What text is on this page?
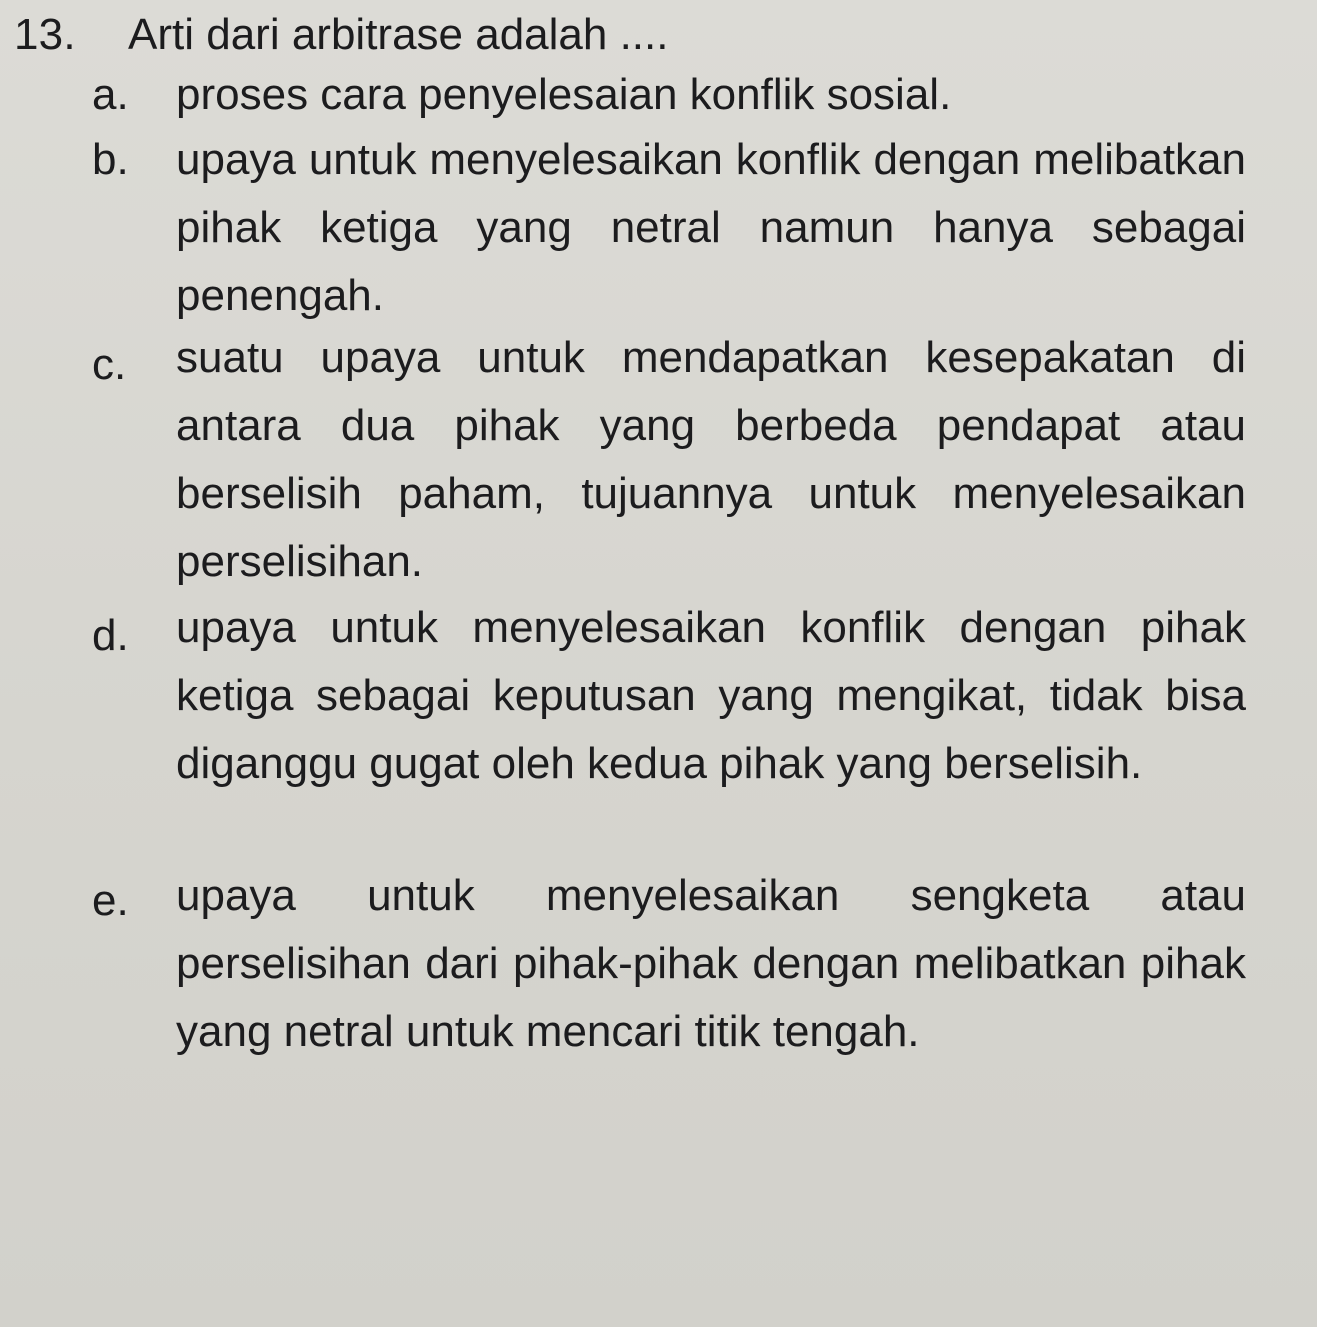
13. Arti dari arbitrase adalah ....
a. proses cara penyelesaian konflik sosial.
b. upaya untuk menyelesaikan konflik dengan melibatkan pihak ketiga yang netral namun hanya sebagai penengah.
c. suatu upaya untuk mendapatkan kesepakatan di antara dua pihak yang berbeda pendapat atau berselisih paham, tujuannya untuk menyelesaikan perselisihan.
d. upaya untuk menyelesaikan konflik dengan pihak ketiga sebagai keputusan yang mengikat, tidak bisa diganggu gugat oleh kedua pihak yang berselisih.
e. upaya untuk menyelesaikan sengketa atau perselisihan dari pihak-pihak dengan melibatkan pihak yang netral untuk mencari titik tengah.
